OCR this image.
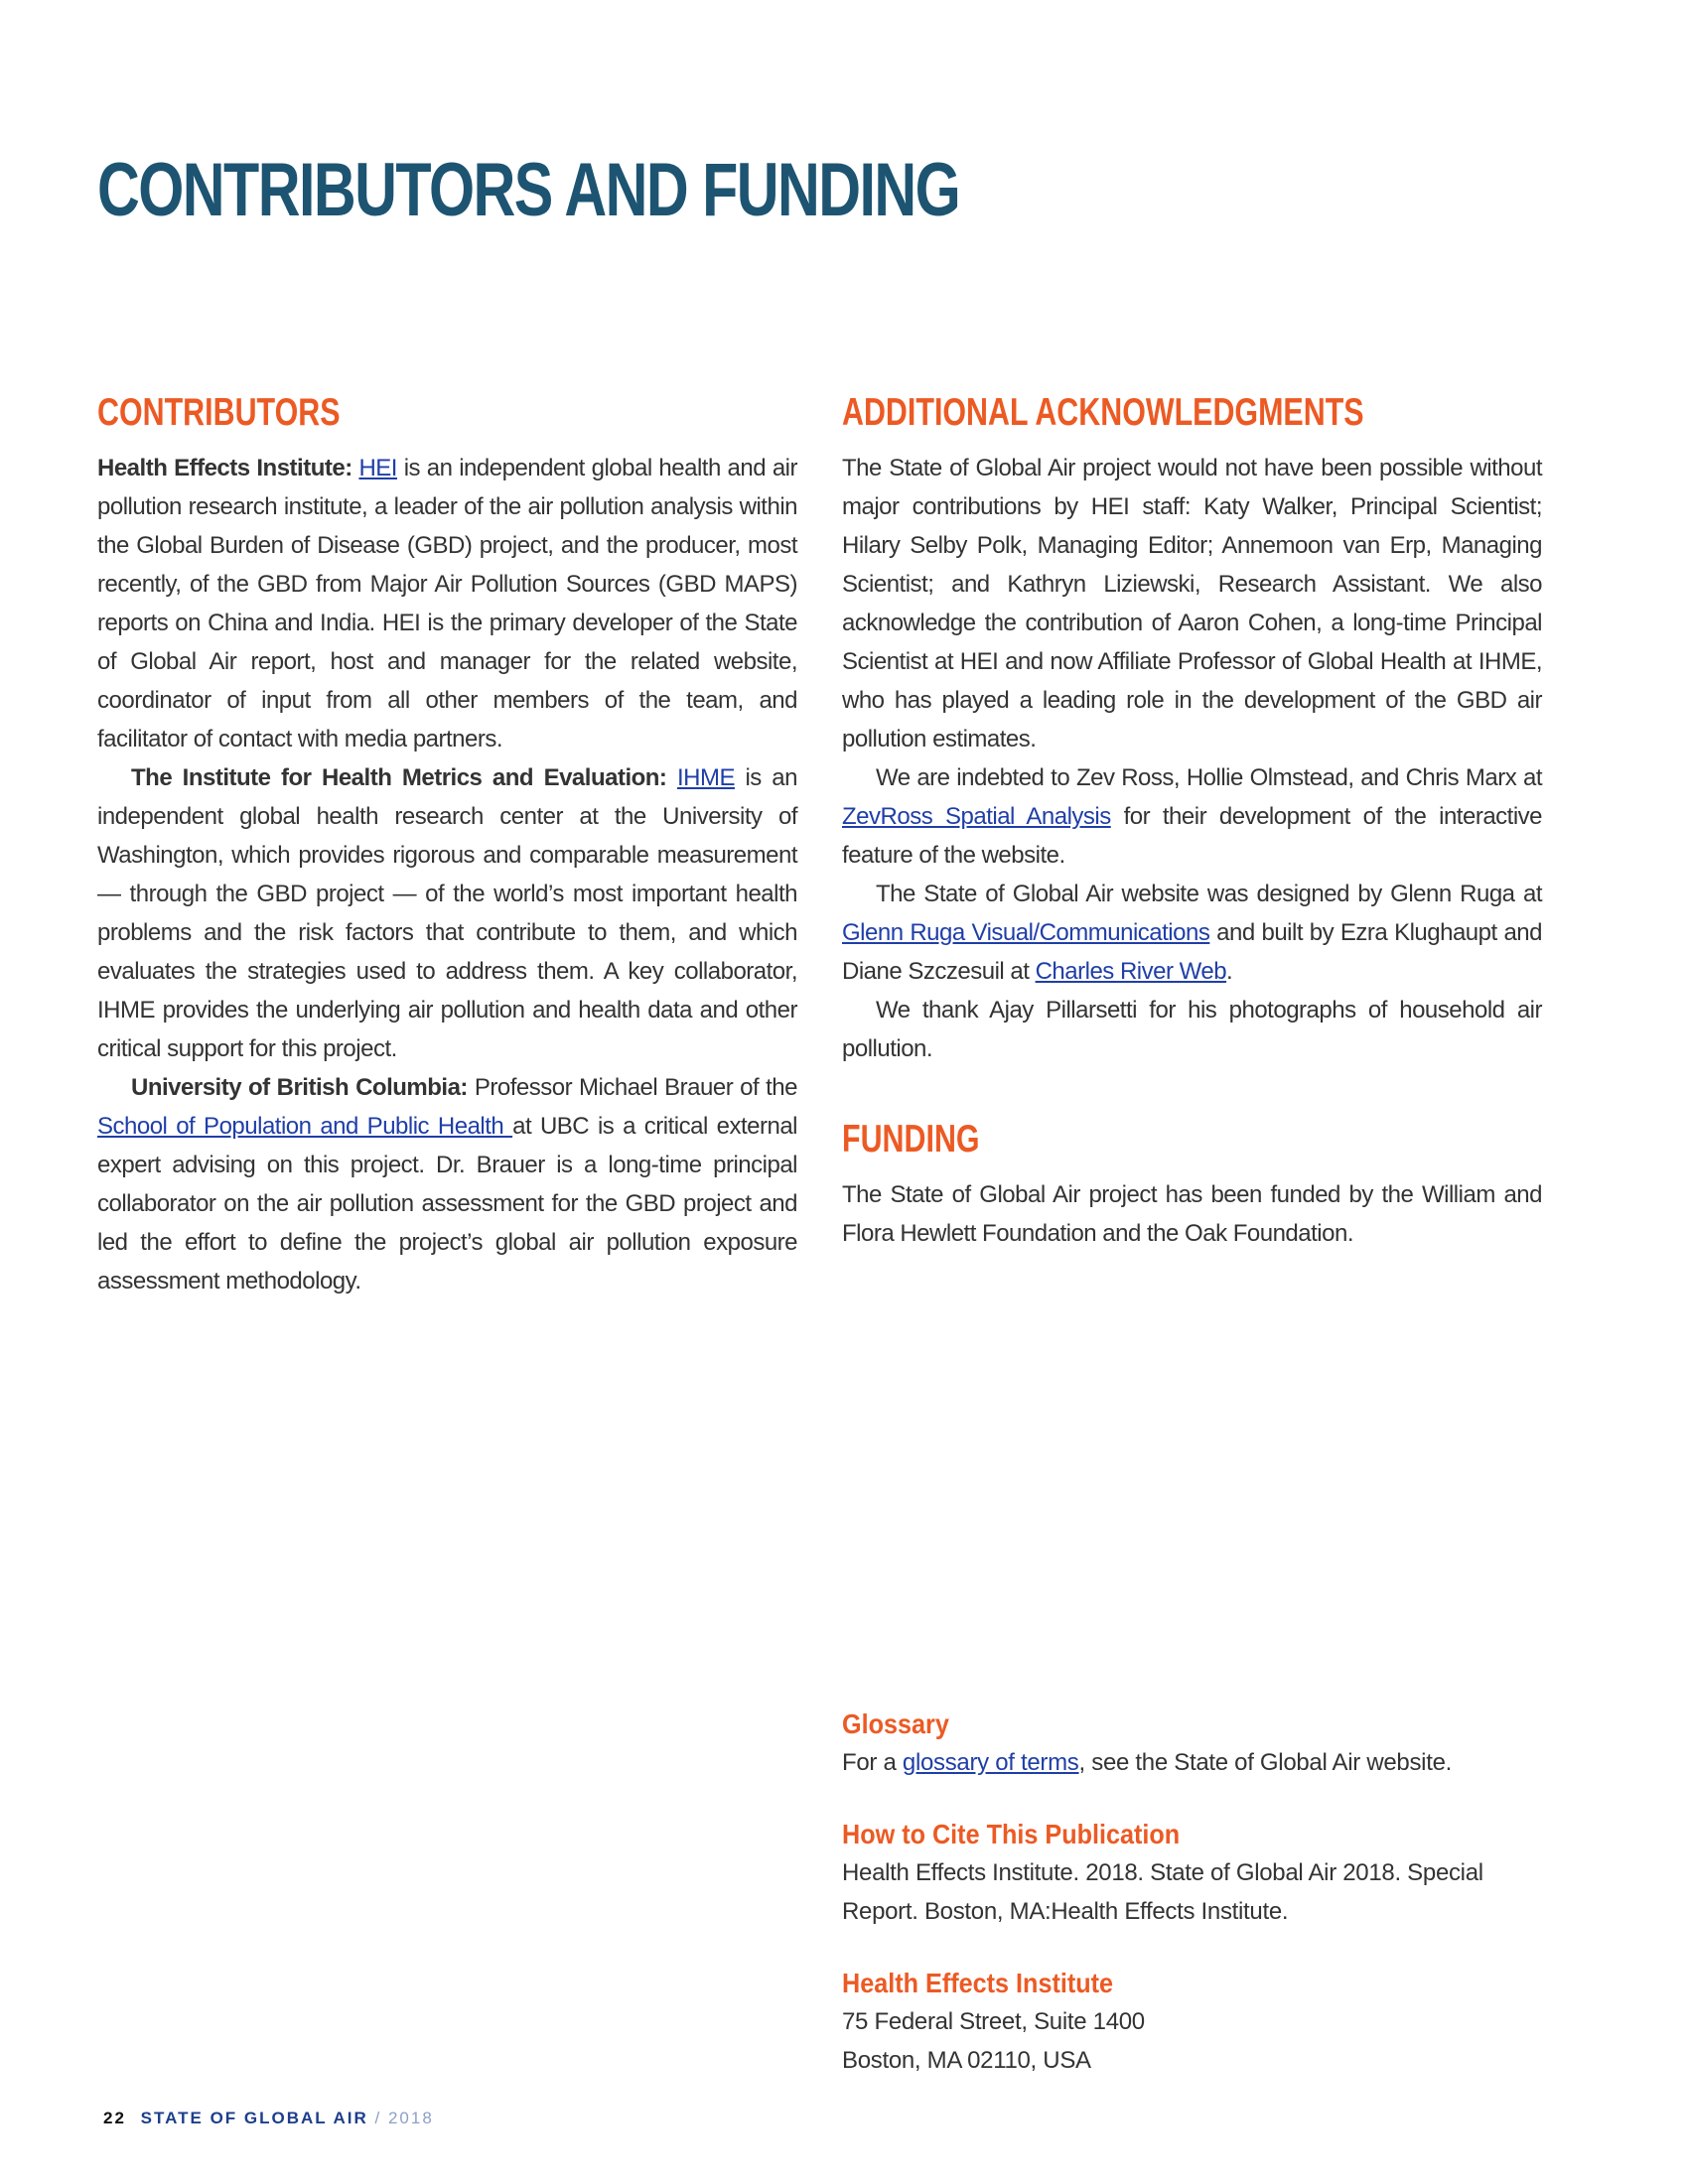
CONTRIBUTORS AND FUNDING
CONTRIBUTORS

Health Effects Institute: HEI is an independent global health and air pollution research institute, a leader of the air pollution analysis within the Global Burden of Disease (GBD) project, and the producer, most recently, of the GBD from Major Air Pollution Sources (GBD MAPS) reports on China and India. HEI is the primary developer of the State of Global Air report, host and manager for the related website, coordinator of input from all other members of the team, and facilitator of contact with media partners.

The Institute for Health Metrics and Evaluation: IHME is an independent global health research center at the University of Washington, which provides rigorous and comparable measurement — through the GBD project — of the world’s most important health problems and the risk factors that contribute to them, and which evaluates the strategies used to address them. A key collaborator, IHME provides the underlying air pollution and health data and other critical support for this project.

University of British Columbia: Professor Michael Brauer of the School of Population and Public Health at UBC is a critical external expert advising on this project. Dr. Brauer is a long-time principal collaborator on the air pollution assessment for the GBD project and led the effort to define the project’s global air pollution exposure assessment methodology.

ADDITIONAL ACKNOWLEDGMENTS

The State of Global Air project would not have been possible without major contributions by HEI staff: Katy Walker, Principal Scientist; Hilary Selby Polk, Managing Editor; Annemoon van Erp, Managing Scientist; and Kathryn Liziewski, Research Assistant. We also acknowledge the contribution of Aaron Cohen, a long-time Principal Scientist at HEI and now Affiliate Professor of Global Health at IHME, who has played a leading role in the development of the GBD air pollution estimates.

We are indebted to Zev Ross, Hollie Olmstead, and Chris Marx at ZevRoss Spatial Analysis for their development of the interactive feature of the website.

The State of Global Air website was designed by Glenn Ruga at Glenn Ruga Visual/Communications and built by Ezra Klughaupt and Diane Szczesuil at Charles River Web.

We thank Ajay Pillarsetti for his photographs of household air pollution.

FUNDING

The State of Global Air project has been funded by the William and Flora Hewlett Foundation and the Oak Foundation.

Glossary

For a glossary of terms, see the State of Global Air website.

How to Cite This Publication

Health Effects Institute. 2018. State of Global Air 2018. Special

Report. Boston, MA:Health Effects Institute.

Health Effects Institute

75 Federal Street, Suite 1400

Boston, MA 02110, USA

22 STATE OF GLOBAL AIR / 2018
